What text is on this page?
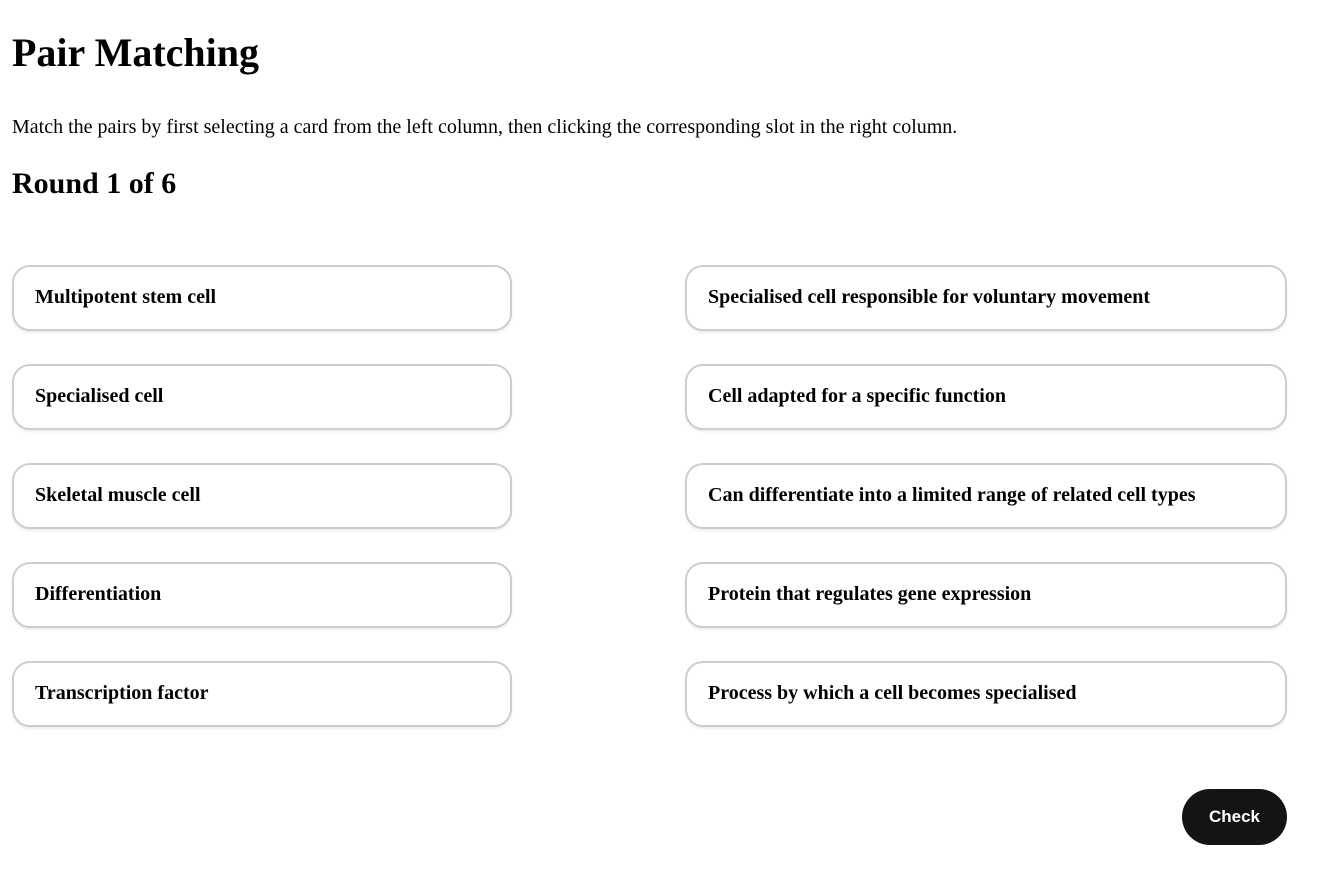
Pair Matching

Match the pairs by first selecting a card from the left column, then clicking the corresponding slot in the right column.

Round 1 of 6
Multipotent stem cell
Specialised cell
Skeletal muscle cell
Differentiation
Transcription factor
Specialised cell responsible for voluntary movement
Cell adapted for a specific function
Can differentiate into a limited range of related cell types
Protein that regulates gene expression
Process by which a cell becomes specialised
Check
